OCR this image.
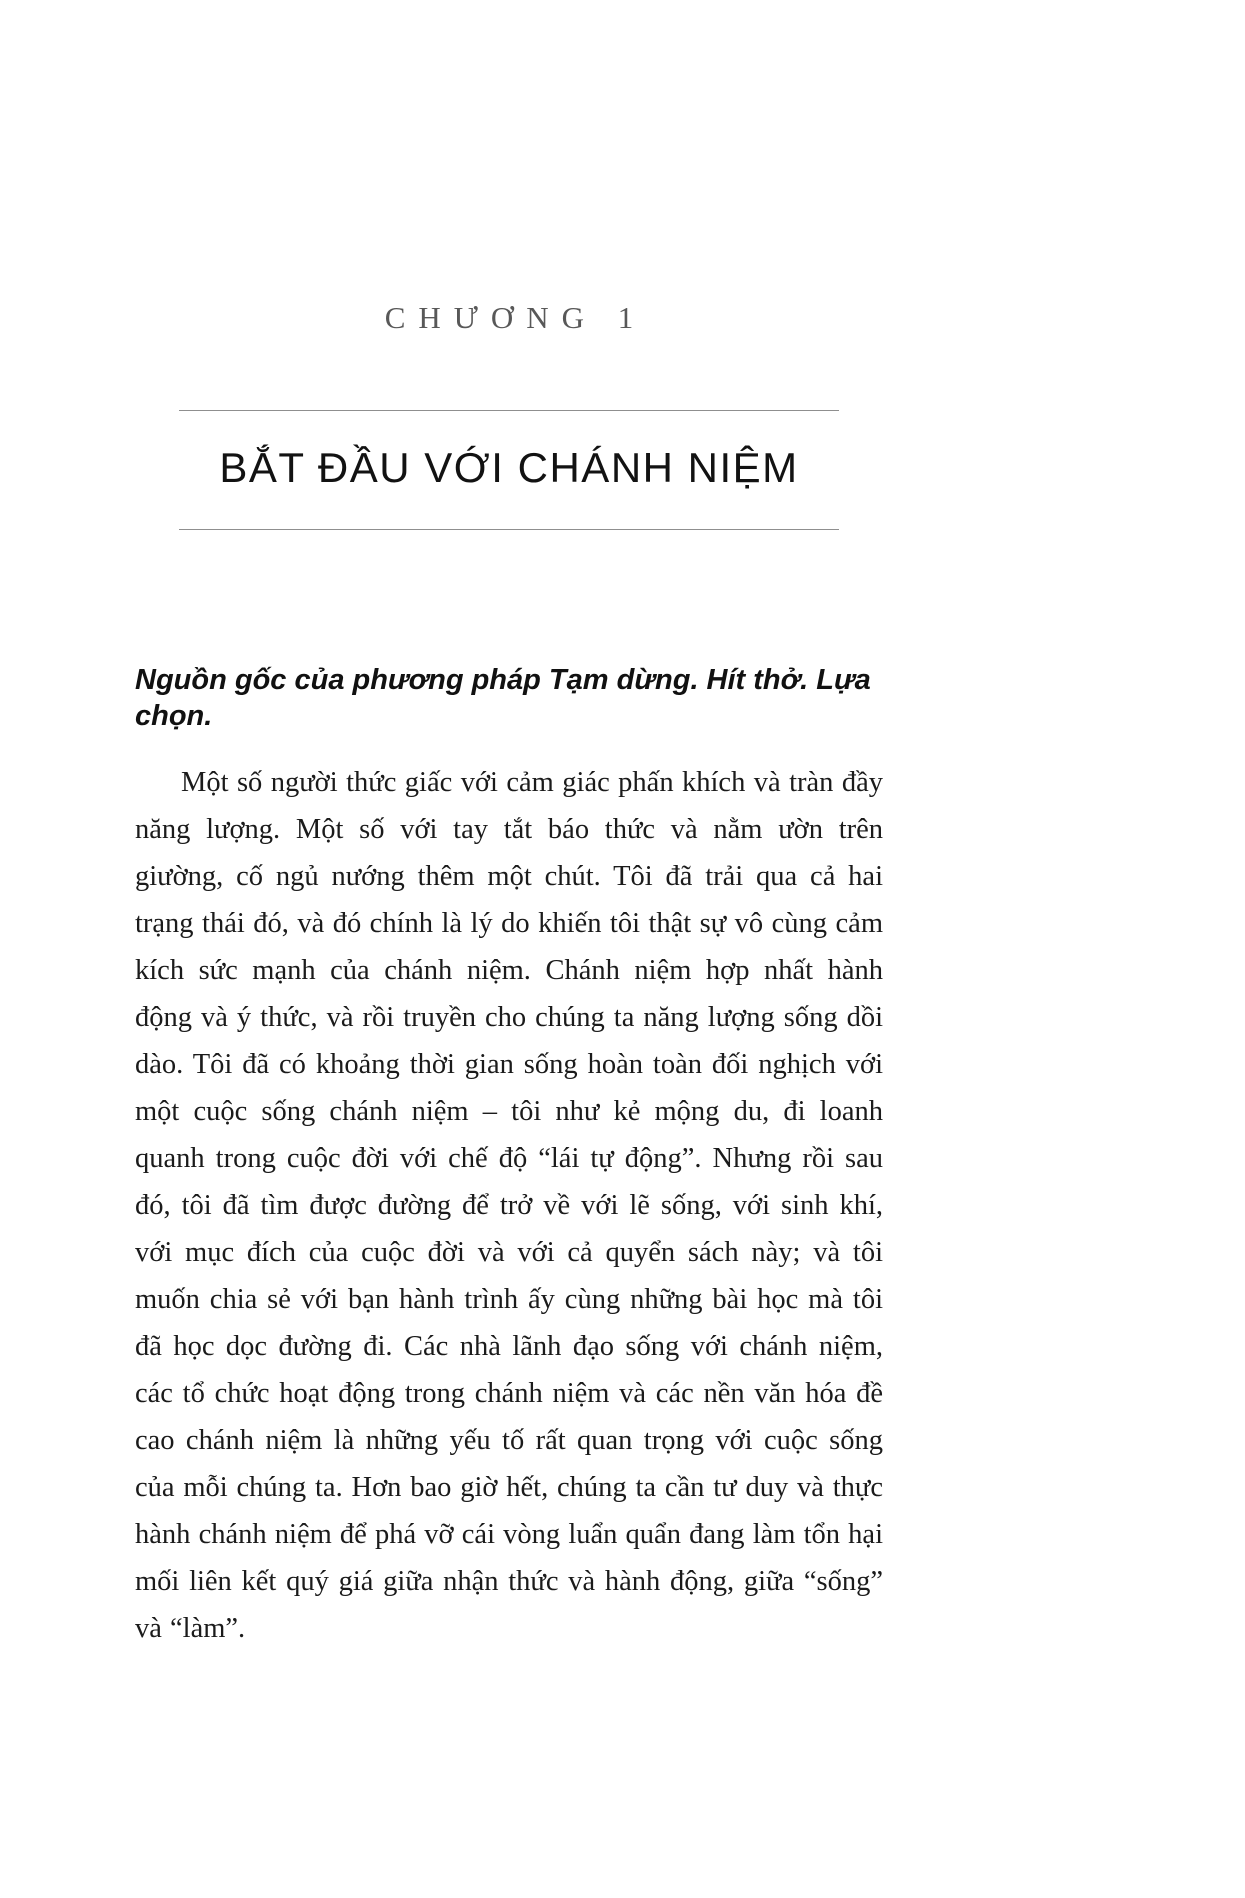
CHƯƠNG 1
BẮT ĐẦU VỚI CHÁNH NIỆM

Nguồn gốc của phương pháp Tạm dừng. Hít thở. Lựa chọn.

Một số người thức giấc với cảm giác phấn khích và tràn đầy năng lượng. Một số với tay tắt báo thức và nằm ườn trên giường, cố ngủ nướng thêm một chút. Tôi đã trải qua cả hai trạng thái đó, và đó chính là lý do khiến tôi thật sự vô cùng cảm kích sức mạnh của chánh niệm. Chánh niệm hợp nhất hành động và ý thức, và rồi truyền cho chúng ta năng lượng sống dồi dào. Tôi đã có khoảng thời gian sống hoàn toàn đối nghịch với một cuộc sống chánh niệm – tôi như kẻ mộng du, đi loanh quanh trong cuộc đời với chế độ “lái tự động”. Nhưng rồi sau đó, tôi đã tìm được đường để trở về với lẽ sống, với sinh khí, với mục đích của cuộc đời và với cả quyển sách này; và tôi muốn chia sẻ với bạn hành trình ấy cùng những bài học mà tôi đã học dọc đường đi. Các nhà lãnh đạo sống với chánh niệm, các tổ chức hoạt động trong chánh niệm và các nền văn hóa đề cao chánh niệm là những yếu tố rất quan trọng với cuộc sống của mỗi chúng ta. Hơn bao giờ hết, chúng ta cần tư duy và thực hành chánh niệm để phá vỡ cái vòng luẩn quẩn đang làm tổn hại mối liên kết quý giá giữa nhận thức và hành động, giữa “sống” và “làm”.
